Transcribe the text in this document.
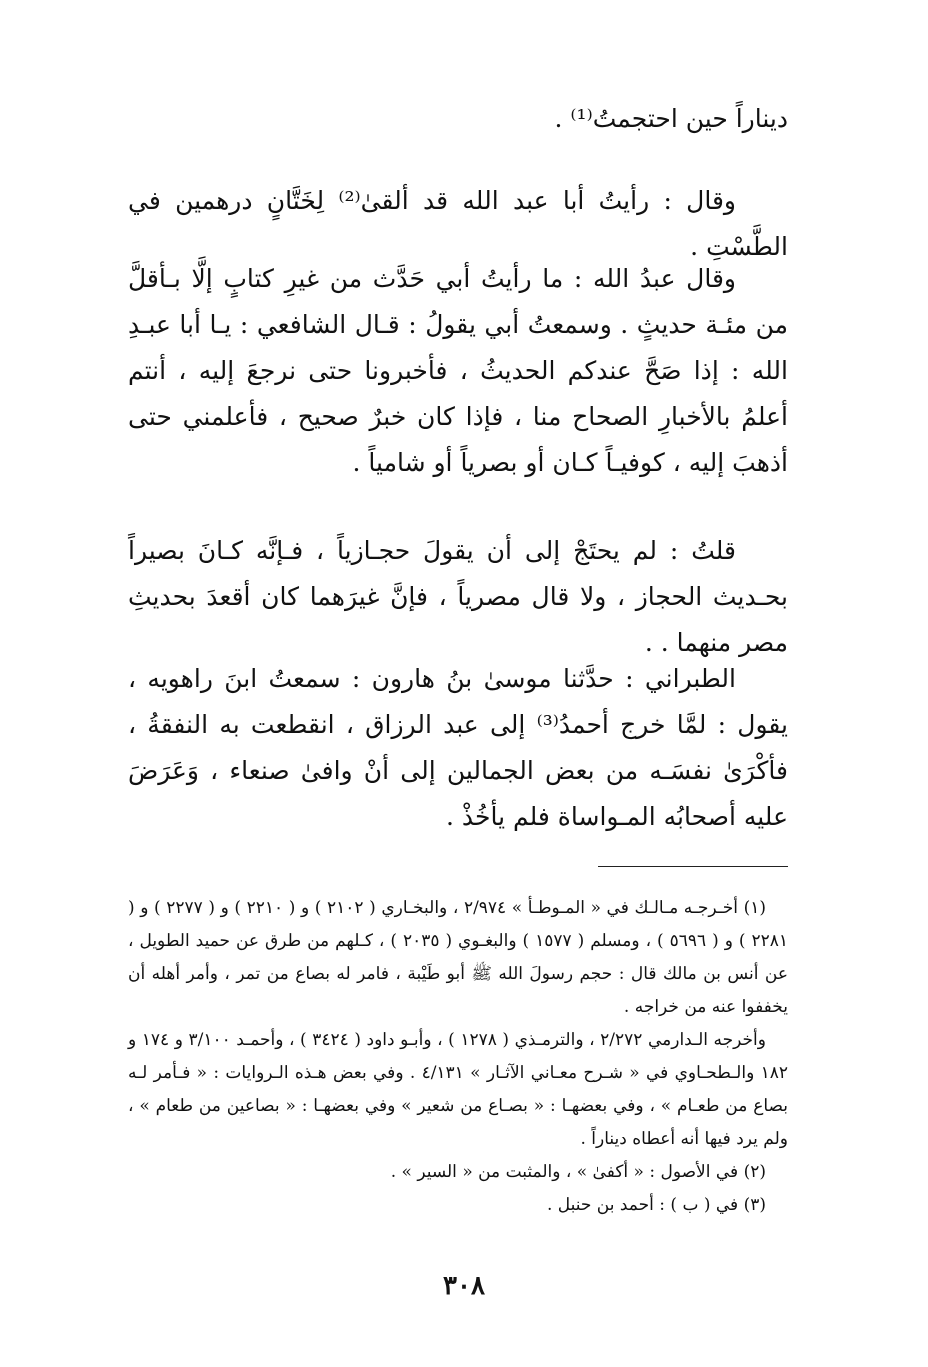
ديناراً حين احتجمتُ⁽¹⁾ .

وقال : رأيتُ أبا عبد الله قد ألقىٰ⁽²⁾ لِخَتَّانٍ درهمين في الطَّسْتِ .

وقال عبدُ الله : ما رأيتُ أبي حَدَّث من غيرِ كتابٍ إلَّا بـأقلَّ من مئـة حديثٍ . وسمعتُ أبي يقولُ : قـال الشافعي : يـا أبا عبـدِ الله : إذا صَحَّ عندكم الحديثُ ، فأخبرونا حتى نرجعَ إليه ، أنتم أعلمُ بالأخبارِ الصحاح منا ، فإذا كان خبرٌ صحيح ، فأعلمني حتى أذهبَ إليه ، كوفيـاً كـان أو بصرياً أو شامياً .

قلتُ : لم يحتَجْ إلى أن يقولَ حجـازياً ، فـإنَّه كـانَ بصيراً بحـديث الحجاز ، ولا قال مصرياً ، فإنَّ غيرَهما كان أقعدَ بحديثِ مصر منهما . .

الطبراني : حدَّثنا موسىٰ بنُ هارون : سمعتُ ابنَ راهويه ، يقول : لمَّا خرج أحمدُ⁽³⁾ إلى عبد الرزاق ، انقطعت به النفقةُ ، فأكْرَىٰ نفسَـه من بعض الجمالين إلى أنْ وافىٰ صنعاء ، وَعَرَضَ عليه أصحابُه المـواساة فلم يأخُذْ .

(١) أخـرجـه مـالـك في « المـوطـأ » ٢/٩٧٤ ، والبخـاري ( ٢١٠٢ ) و ( ٢٢١٠ ) و ( ٢٢٧٧ ) و ( ٢٢٨١ ) و ( ٥٦٩٦ ) ، ومسلم ( ١٥٧٧ ) والبغـوي ( ٢٠٣٥ ) ، كـلهم من طرق عن حميد الطويل ، عن أنس بن مالك قال : حجم رسولَ الله ﷺ أبو طَيْبة ، فامر له بصاع من تمر ، وأمر أهله أن يخففوا عنه من خراجه .

وأخرجه الـدارمي ٢/٢٧٢ ، والترمـذي ( ١٢٧٨ ) ، وأبـو داود ( ٣٤٢٤ ) ، وأحمـد ٣/١٠٠ و ١٧٤ و ١٨٢ والـطحـاوي في « شـرح معـاني الآثـار » ٤/١٣١ . وفي بعض هـذه الـروايات : « فـأمر لـه بصاع من طعـام » ، وفي بعضهـا : « بصـاع من شعير » وفي بعضهـا : « بصاعين من طعام » ، ولم يرد فيها أنه أعطاه ديناراً .

(٢) في الأصول : « أكفىٰ » ، والمثبت من « السير » .

(٣) في ( ب ) : أحمد بن حنبل .

٣٠٨
